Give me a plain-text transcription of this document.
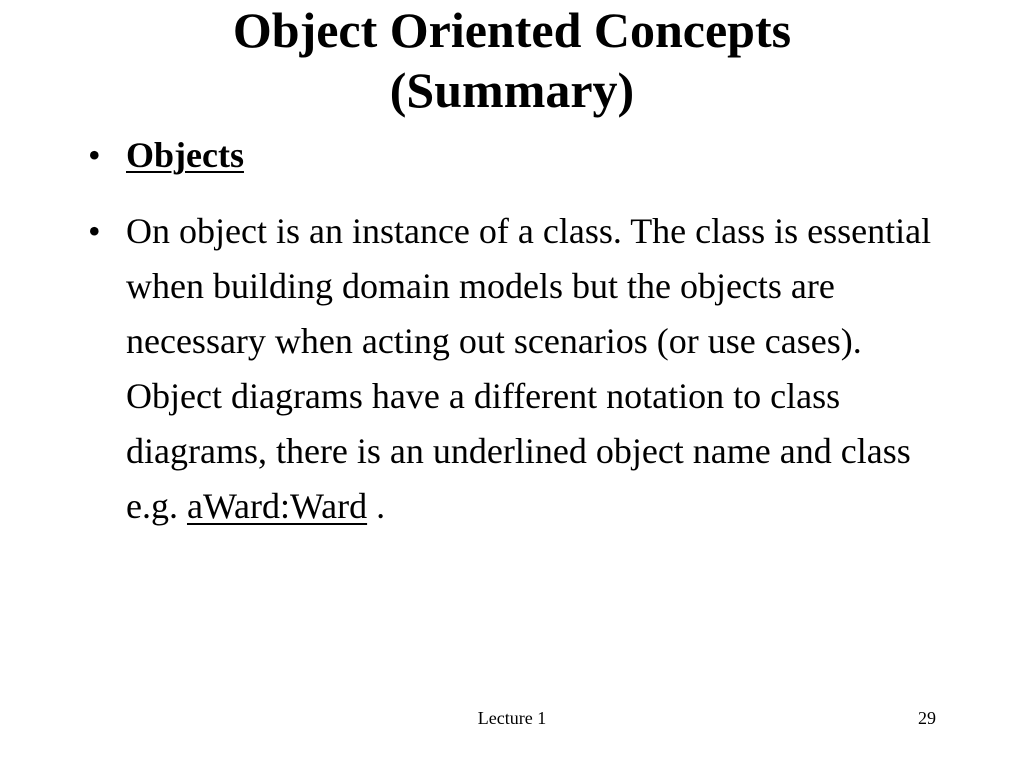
Object Oriented Concepts
(Summary)
• Objects
• On object is an instance of a class. The class is essential when building domain models but the objects are necessary when acting out scenarios (or use cases). Object diagrams have a different notation to class diagrams, there is an underlined object name and class e.g. aWard:Ward .
Lecture 1	29
